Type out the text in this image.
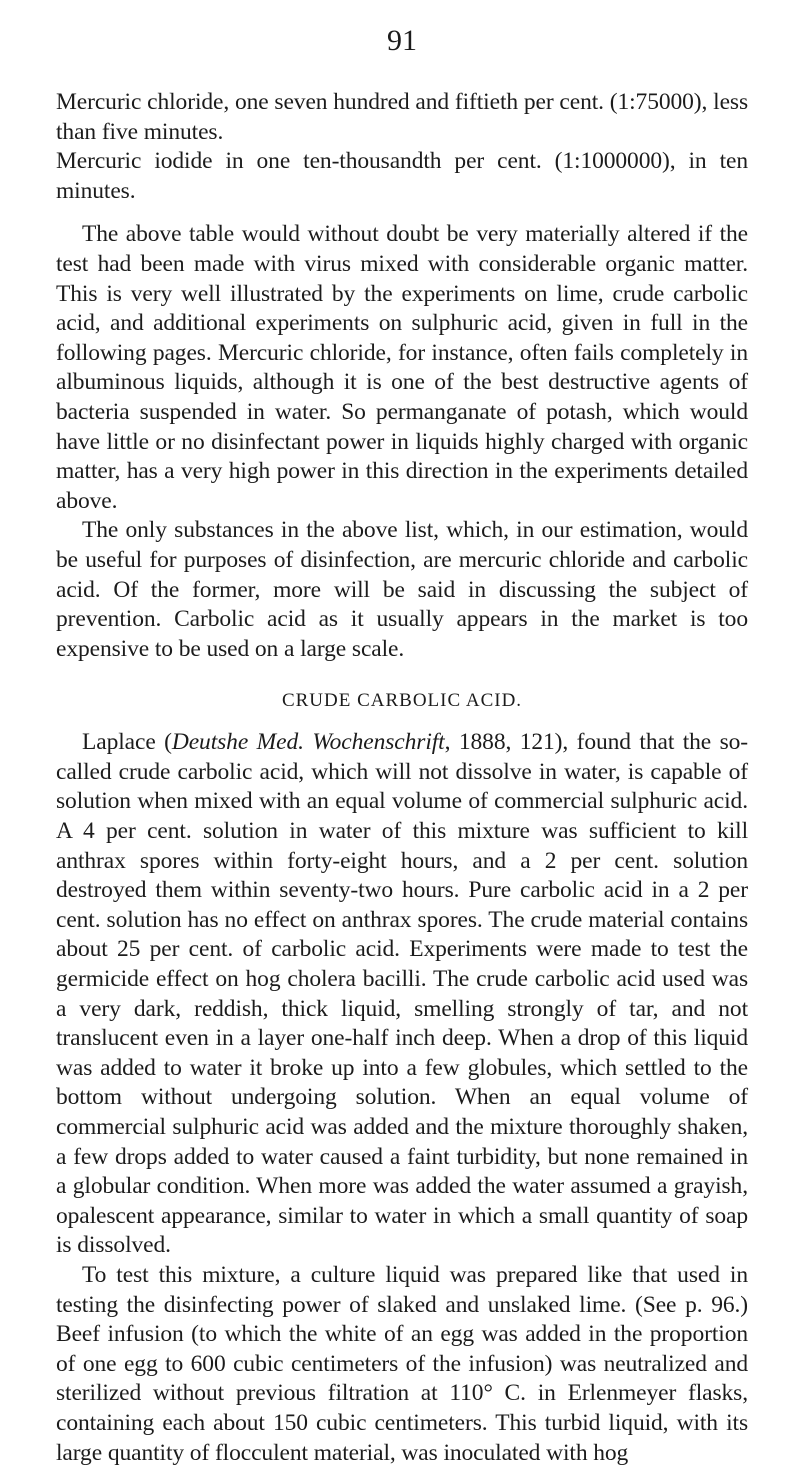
91

Mercuric chloride, one seven hundred and fiftieth per cent. (1:75000), less than five minutes.

Mercuric iodide in one ten-thousandth per cent. (1:1000000), in ten minutes.

The above table would without doubt be very materially altered if the test had been made with virus mixed with considerable organic matter. This is very well illustrated by the experiments on lime, crude carbolic acid, and additional experiments on sulphuric acid, given in full in the following pages. Mercuric chloride, for instance, often fails completely in albuminous liquids, although it is one of the best destructive agents of bacteria suspended in water. So permanganate of potash, which would have little or no disinfectant power in liquids highly charged with organic matter, has a very high power in this direction in the experiments detailed above.

The only substances in the above list, which, in our estimation, would be useful for purposes of disinfection, are mercuric chloride and carbolic acid. Of the former, more will be said in discussing the subject of prevention. Carbolic acid as it usually appears in the market is too expensive to be used on a large scale.

CRUDE CARBOLIC ACID.

Laplace (Deutshe Med. Wochenschrift, 1888, 121), found that the so-called crude carbolic acid, which will not dissolve in water, is capable of solution when mixed with an equal volume of commercial sulphuric acid. A 4 per cent. solution in water of this mixture was sufficient to kill anthrax spores within forty-eight hours, and a 2 per cent. solution destroyed them within seventy-two hours. Pure carbolic acid in a 2 per cent. solution has no effect on anthrax spores. The crude material contains about 25 per cent. of carbolic acid. Experiments were made to test the germicide effect on hog cholera bacilli. The crude carbolic acid used was a very dark, reddish, thick liquid, smelling strongly of tar, and not translucent even in a layer one-half inch deep. When a drop of this liquid was added to water it broke up into a few globules, which settled to the bottom without undergoing solution. When an equal volume of commercial sulphuric acid was added and the mixture thoroughly shaken, a few drops added to water caused a faint turbidity, but none remained in a globular condition. When more was added the water assumed a grayish, opalescent appearance, similar to water in which a small quantity of soap is dissolved.

To test this mixture, a culture liquid was prepared like that used in testing the disinfecting power of slaked and unslaked lime. (See p. 96.) Beef infusion (to which the white of an egg was added in the proportion of one egg to 600 cubic centimeters of the infusion) was neutralized and sterilized without previous filtration at 110° C. in Erlenmeyer flasks, containing each about 150 cubic centimeters. This turbid liquid, with its large quantity of flocculent material, was inoculated with hog
